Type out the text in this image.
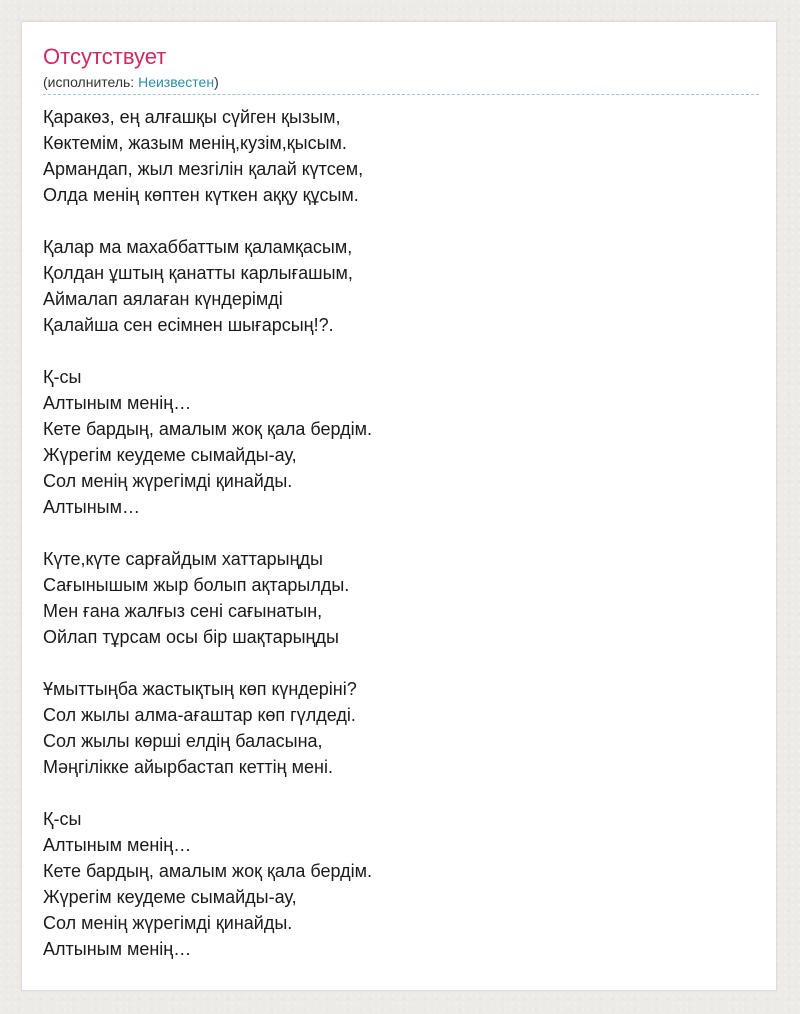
Отсутствует
(исполнитель: Неизвестен)
Қаракөз, ең алғашқы сүйген қызым,
Көктемім, жазым менің,кузім,қысым.
Армандап, жыл мезгілін қалай күтсем,
Олда менің көптен күткен аққу құсым.
Қалар ма махаббаттым қаламқасым,
Қолдан ұштың қанатты карлығашым,
Аймалап аялаған күндерімді
Қалайша сен есімнен шығарсың!?.
Қ-сы
Алтыным менің…
Кете бардың, амалым жоқ қала бердім.
Жүрегім кеудеме сымайды-ау,
Сол менің жүрегімді қинайды.
Алтыным…
Күте,күте сарғайдым хаттарыңды
Сағынышым жыр болып ақтарылды.
Мен ғана жалғыз сені сағынатын,
Ойлап тұрсам осы бір шақтарыңды
Ұмыттыңба жастықтың көп күндеріні?
Сол жылы алма-ағаштар көп гүлдеді.
Сол жылы көрші елдің баласына,
Мәңгілікке айырбастап кеттің мені.
Қ-сы
Алтыным менің…
Кете бардың, амалым жоқ қала бердім.
Жүрегім кеудеме сымайды-ау,
Сол менің жүрегімді қинайды.
Алтыным менің…
